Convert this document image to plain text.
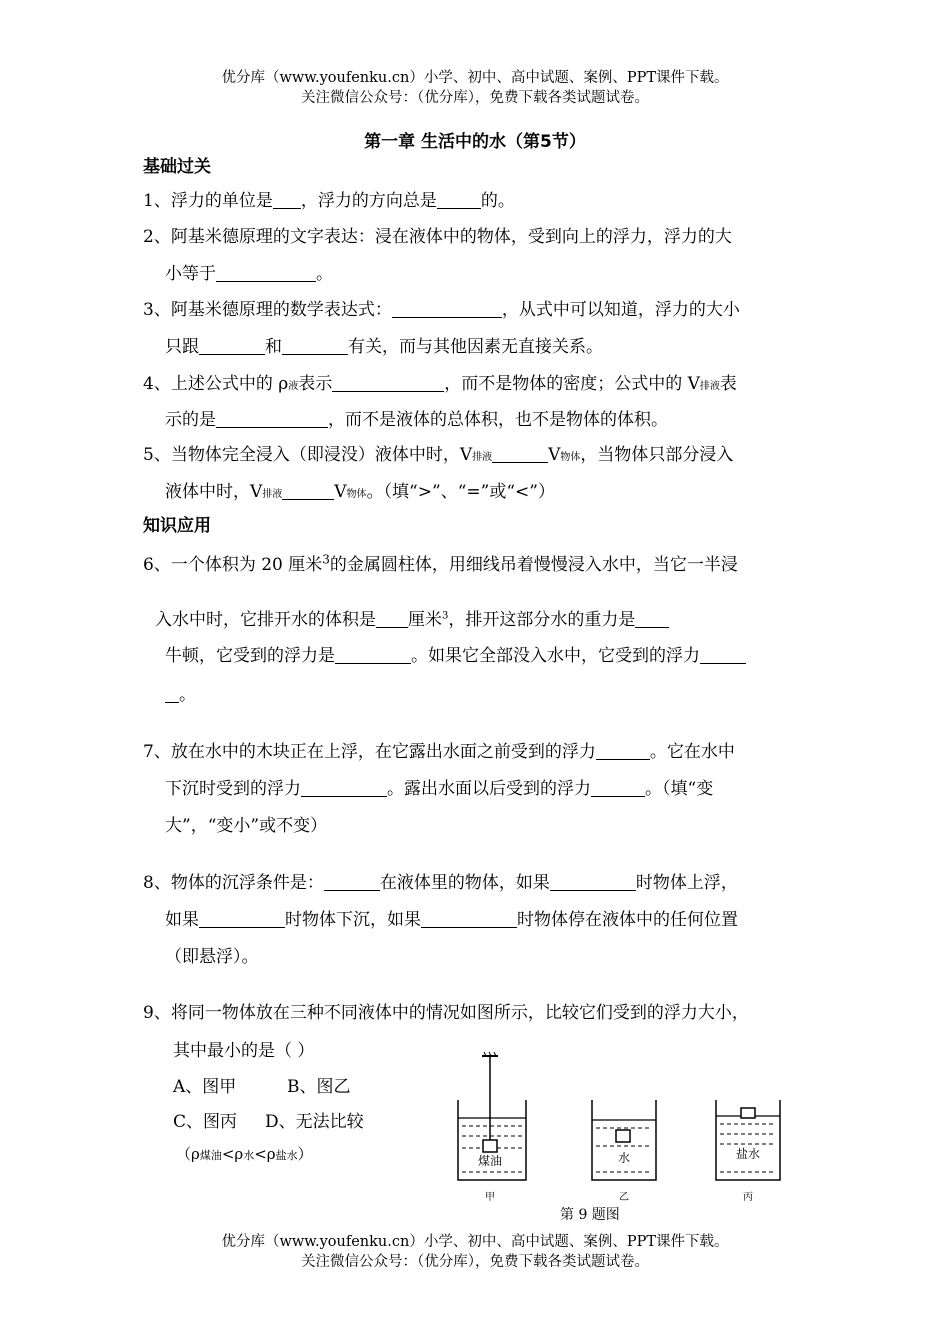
优分库（www.youfenku.cn）小学、初中、高中试题、案例、PPT课件下载。
关注微信公众号：（优分库），免费下载各类试题试卷。
第一章 生活中的水（第5节）
基础过关
1、浮力的单位是 ，浮力的方向总是	的。
2、阿基米德原理的文字表达：浸在液体中的物体，受到向上的浮力，浮力的大
小等于	。
3、阿基米德原理的数学表达式：	，从式中可以知道，浮力的大小
只跟	和	有关，而与其他因素无直接关系。
4、上述公式中的 ρ液表示	，而不是物体的密度；公式中的 V排液表
示的是	，而不是液体的总体积，也不是物体的体积。
5、当物体完全浸入（即浸没）液体中时，V排液	V物体，当物体只部分浸入
液体中时，V排液	V物体。（填“>”、“=”或“<”）
知识应用
6、一个体积为 20 厘米$^3$的金属圆柱体，用细线吊着慢慢浸入水中，当它一半浸
入水中时，它排开水的体积是 厘米$^3$，排开这部分水的重力是
牛顿，它受到的浮力是	。如果它全部没入水中，它受到的浮力
。
7、放在水中的木块正在上浮，在它露出水面之前受到的浮力	。它在水中
下沉时受到的浮力	。露出水面以后受到的浮力	。（填“变
大”，“变小”或不变）
8、物体的沉浮条件是：	在液体里的物体，如果	时物体上浮，
如果	时物体下沉，如果	时物体停在液体中的任何位置
（即悬浮）。
9、将同一物体放在三种不同液体中的情况如图所示，比较它们受到的浮力大小，
其中最小的是（ ）
A、图甲	B、图乙
C、图丙 D、无法比较
（ρ煤油<ρ水<ρ盐水）	煤油
甲
水
乙
盐水
丙
第 9 题图
优分库（www.youfenku.cn）小学、初中、高中试题、案例、PPT课件下载。
关注微信公众号：（优分库），免费下载各类试题试卷。
